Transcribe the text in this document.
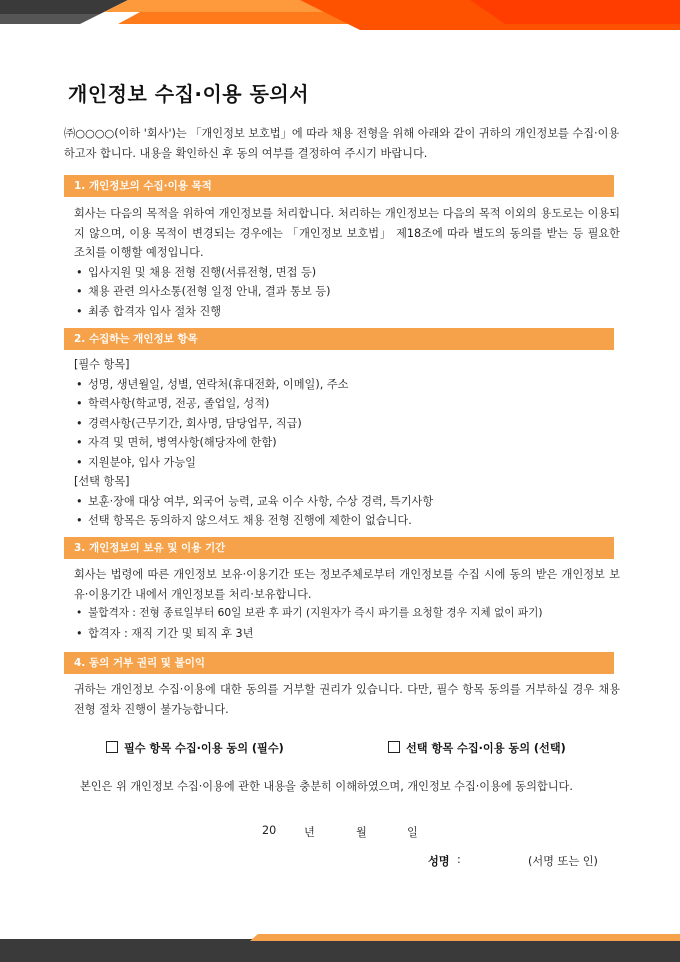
개인정보 수집·이용 동의서
㈜○○○○(이하 '회사')는 「개인정보 보호법」에 따라 채용 전형을 위해 아래와 같이 귀하의 개인정보를 수집·이용하고자 합니다. 내용을 확인하신 후 동의 여부를 결정하여 주시기 바랍니다.
1. 개인정보의 수집·이용 목적

회사는 다음의 목적을 위하여 개인정보를 처리합니다. 처리하는 개인정보는 다음의 목적 이외의 용도로는 이용되지 않으며, 이용 목적이 변경되는 경우에는 「개인정보 보호법」 제18조에 따라 별도의 동의를 받는 등 필요한 조치를 이행할 예정입니다.

• 입사지원 및 채용 전형 진행(서류전형, 면접 등)
• 채용 관련 의사소통(전형 일정 안내, 결과 통보 등)
• 최종 합격자 입사 절차 진행
2. 수집하는 개인정보 항목
[필수 항목]
• 성명, 생년월일, 성별, 연락처(휴대전화, 이메일), 주소
• 학력사항(학교명, 전공, 졸업일, 성적)
• 경력사항(근무기간, 회사명, 담당업무, 직급)
• 자격 및 면허, 병역사항(해당자에 한함)
• 지원분야, 입사 가능일
[선택 항목]
• 보훈·장애 대상 여부, 외국어 능력, 교육 이수 사항, 수상 경력, 특기사항
• 선택 항목은 동의하지 않으셔도 채용 전형 진행에 제한이 없습니다.
3. 개인정보의 보유 및 이용 기간

회사는 법령에 따른 개인정보 보유·이용기간 또는 정보주체로부터 개인정보를 수집 시에 동의 받은 개인정보 보유·이용기간 내에서 개인정보를 처리·보유합니다.

• 불합격자 : 전형 종료일부터 60일 보관 후 파기 (지원자가 즉시 파기를 요청할 경우 지체 없이 파기)
• 합격자 : 재직 기간 및 퇴직 후 3년
4. 동의 거부 권리 및 불이익

귀하는 개인정보 수집·이용에 대한 동의를 거부할 권리가 있습니다. 다만, 필수 항목 동의를 거부하실 경우 채용 전형 절차 진행이 불가능합니다.

필수 항목 수집·이용 동의 (필수)	선택 항목 수집·이용 동의 (선택)
본인은 위 개인정보 수집·이용에 관한 내용을 충분히 이해하였으며, 개인정보 수집·이용에 동의합니다.
20 년	월	일
성명 :	(서명 또는 인)
